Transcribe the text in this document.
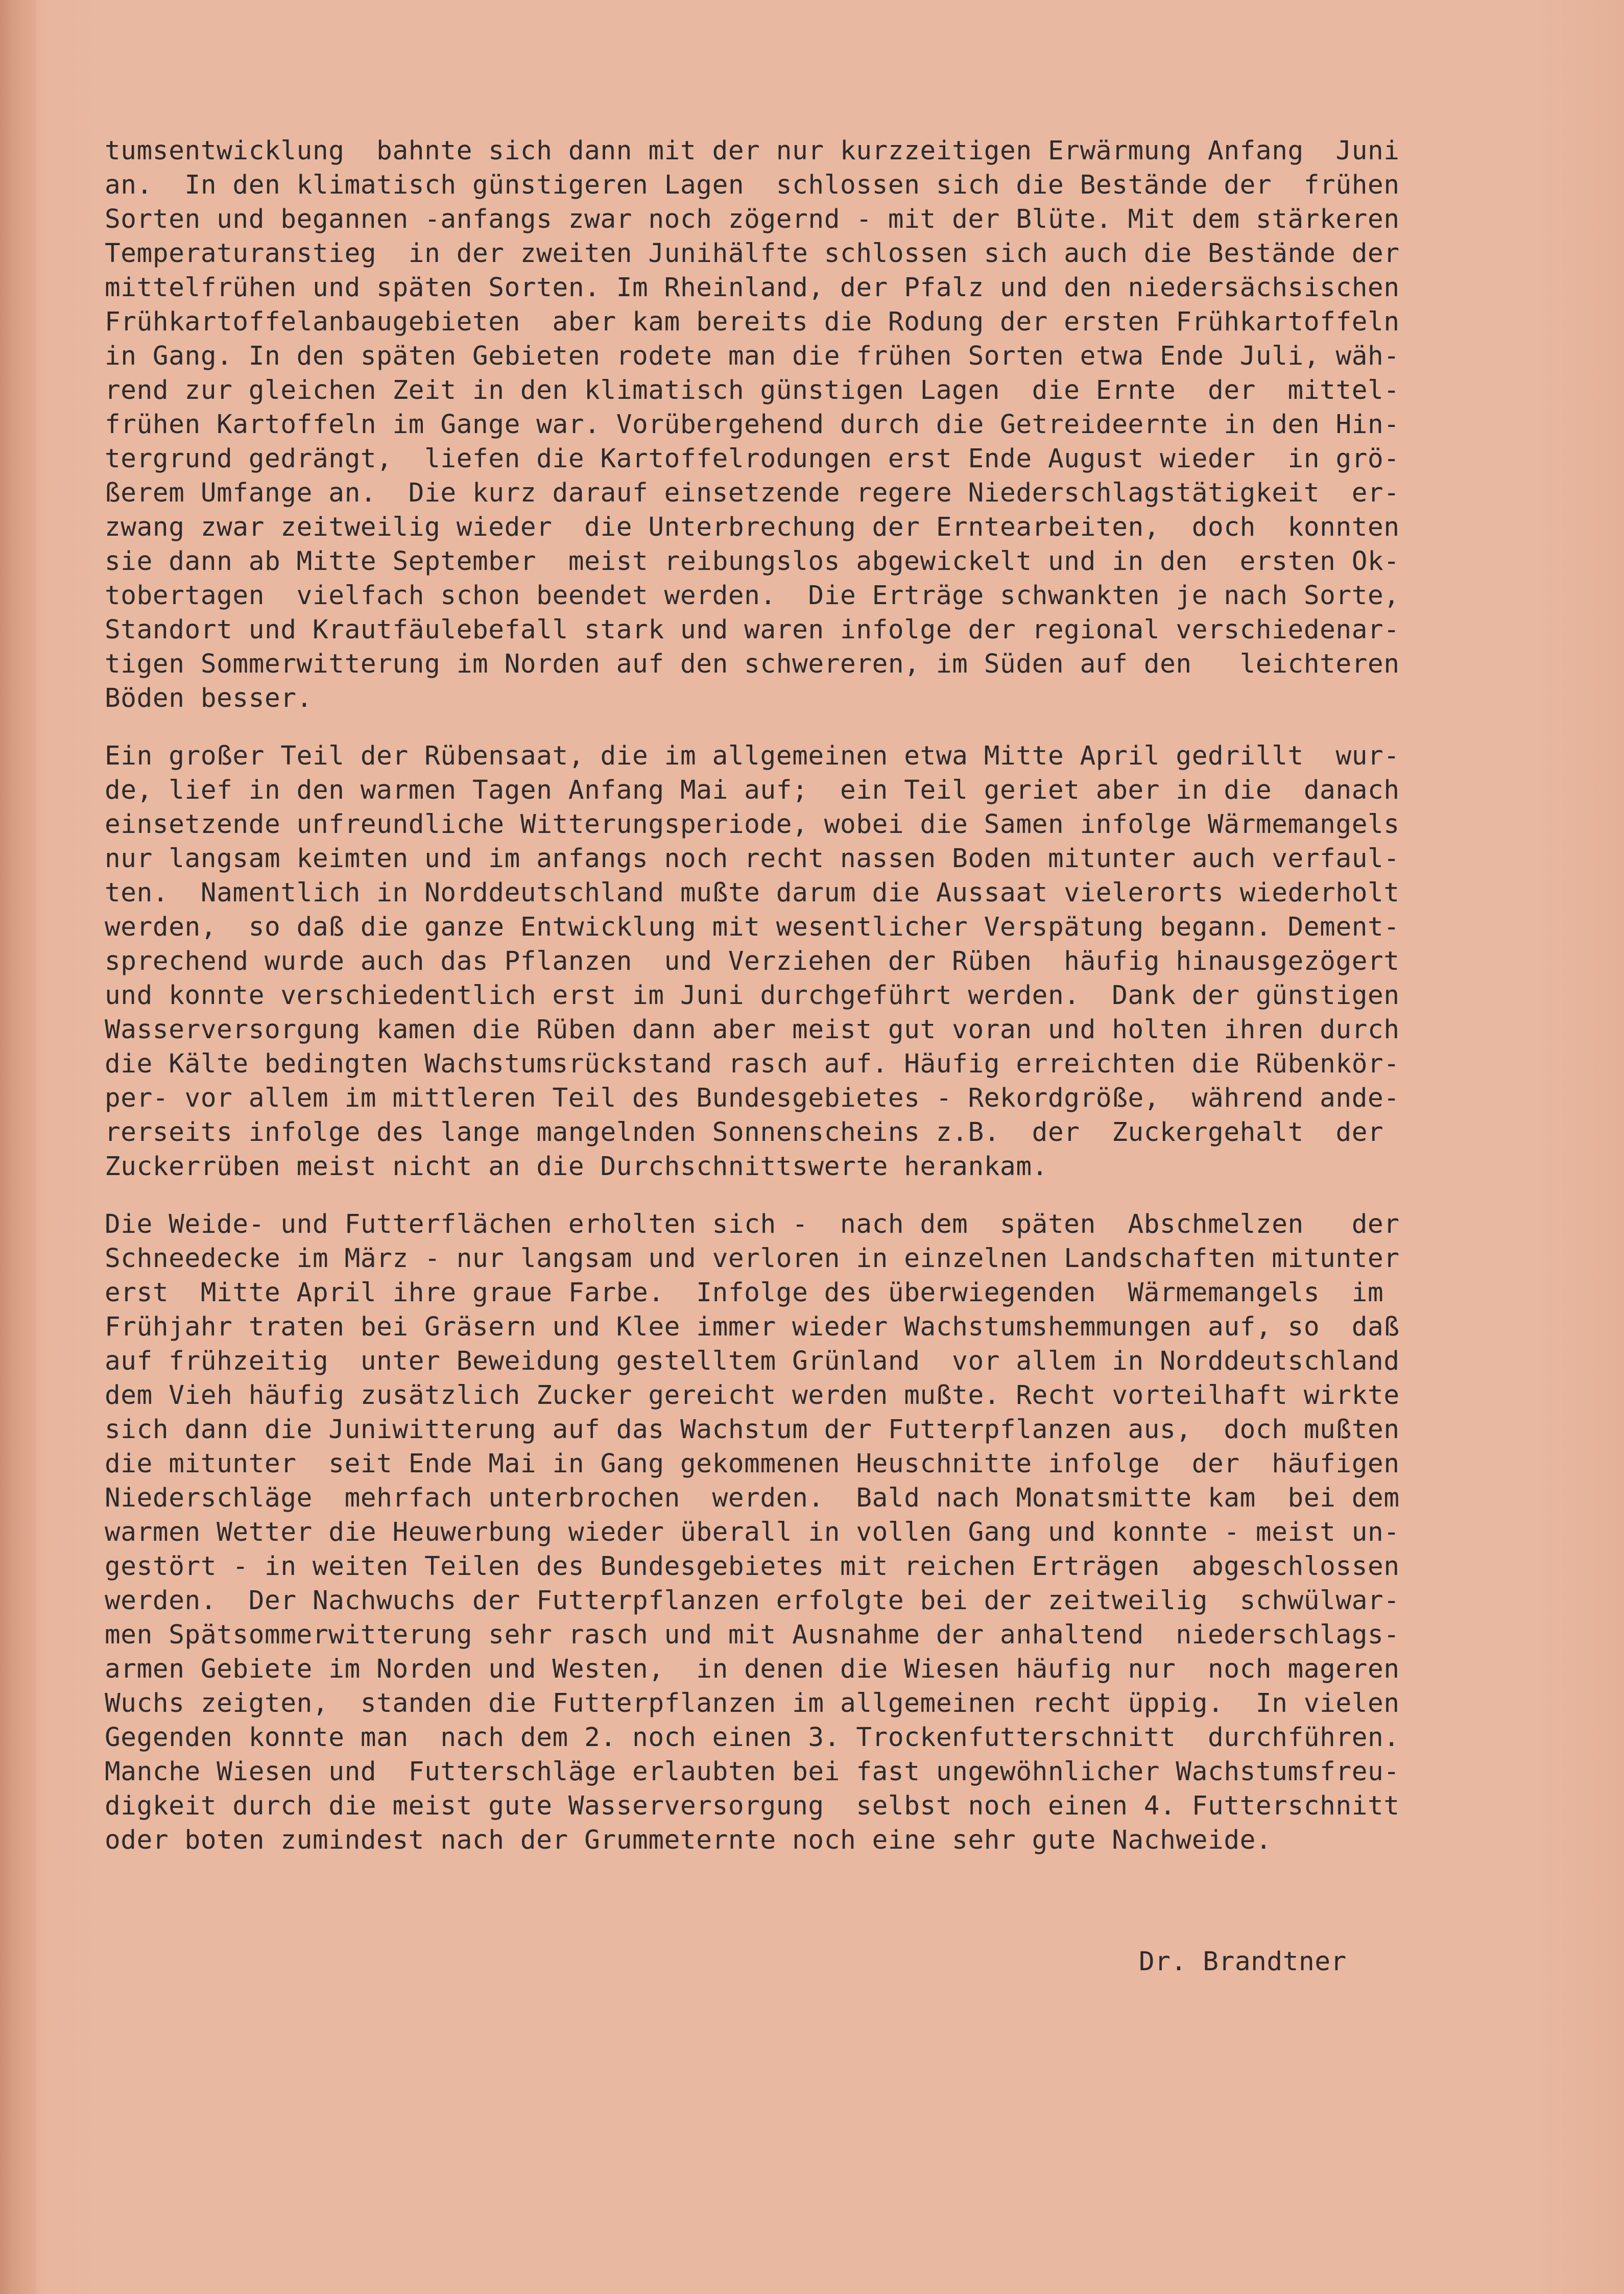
tumsentwicklung  bahnte sich dann mit der nur kurzzeitigen Erwärmung Anfang  Juni
an.  In den klimatisch günstigeren Lagen  schlossen sich die Bestände der  frühen
Sorten und begannen -anfangs zwar noch zögernd - mit der Blüte. Mit dem stärkeren
Temperaturanstieg  in der zweiten Junihälfte schlossen sich auch die Bestände der
mittelfrühen und späten Sorten. Im Rheinland, der Pfalz und den niedersächsischen
Frühkartoffelanbaugebieten  aber kam bereits die Rodung der ersten Frühkartoffeln
in Gang. In den späten Gebieten rodete man die frühen Sorten etwa Ende Juli, wäh-
rend zur gleichen Zeit in den klimatisch günstigen Lagen  die Ernte  der  mittel-
frühen Kartoffeln im Gange war. Vorübergehend durch die Getreideernte in den Hin-
tergrund gedrängt,  liefen die Kartoffelrodungen erst Ende August wieder  in grö-
ßerem Umfange an.  Die kurz darauf einsetzende regere Niederschlagstätigkeit  er-
zwang zwar zeitweilig wieder  die Unterbrechung der Erntearbeiten,  doch  konnten
sie dann ab Mitte September  meist reibungslos abgewickelt und in den  ersten Ok-
tobertagen  vielfach schon beendet werden.  Die Erträge schwankten je nach Sorte,
Standort und Krautfäulebefall stark und waren infolge der regional verschiedenar-
tigen Sommerwitterung im Norden auf den schwereren, im Süden auf den   leichteren
Böden besser.
Ein großer Teil der Rübensaat, die im allgemeinen etwa Mitte April gedrillt  wur-
de, lief in den warmen Tagen Anfang Mai auf;  ein Teil geriet aber in die  danach
einsetzende unfreundliche Witterungsperiode, wobei die Samen infolge Wärmemangels
nur langsam keimten und im anfangs noch recht nassen Boden mitunter auch verfaul-
ten.  Namentlich in Norddeutschland mußte darum die Aussaat vielerorts wiederholt
werden,  so daß die ganze Entwicklung mit wesentlicher Verspätung begann. Dement-
sprechend wurde auch das Pflanzen  und Verziehen der Rüben  häufig hinausgezögert
und konnte verschiedentlich erst im Juni durchgeführt werden.  Dank der günstigen
Wasserversorgung kamen die Rüben dann aber meist gut voran und holten ihren durch
die Kälte bedingten Wachstumsrückstand rasch auf. Häufig erreichten die Rübenkör-
per- vor allem im mittleren Teil des Bundesgebietes - Rekordgröße,  während ande-
rerseits infolge des lange mangelnden Sonnenscheins z.B.  der  Zuckergehalt  der
Zuckerrüben meist nicht an die Durchschnittswerte herankam.
Die Weide- und Futterflächen erholten sich -  nach dem  späten  Abschmelzen   der
Schneedecke im März - nur langsam und verloren in einzelnen Landschaften mitunter
erst  Mitte April ihre graue Farbe.  Infolge des überwiegenden  Wärmemangels  im
Frühjahr traten bei Gräsern und Klee immer wieder Wachstumshemmungen auf, so  daß
auf frühzeitig  unter Beweidung gestelltem Grünland  vor allem in Norddeutschland
dem Vieh häufig zusätzlich Zucker gereicht werden mußte. Recht vorteilhaft wirkte
sich dann die Juniwitterung auf das Wachstum der Futterpflanzen aus,  doch mußten
die mitunter  seit Ende Mai in Gang gekommenen Heuschnitte infolge  der  häufigen
Niederschläge  mehrfach unterbrochen  werden.  Bald nach Monatsmitte kam  bei dem
warmen Wetter die Heuwerbung wieder überall in vollen Gang und konnte - meist un-
gestört - in weiten Teilen des Bundesgebietes mit reichen Erträgen  abgeschlossen
werden.  Der Nachwuchs der Futterpflanzen erfolgte bei der zeitweilig  schwülwar-
men Spätsommerwitterung sehr rasch und mit Ausnahme der anhaltend  niederschlags-
armen Gebiete im Norden und Westen,  in denen die Wiesen häufig nur  noch mageren
Wuchs zeigten,  standen die Futterpflanzen im allgemeinen recht üppig.  In vielen
Gegenden konnte man  nach dem 2. noch einen 3. Trockenfutterschnitt  durchführen.
Manche Wiesen und  Futterschläge erlaubten bei fast ungewöhnlicher Wachstumsfreu-
digkeit durch die meist gute Wasserversorgung  selbst noch einen 4. Futterschnitt
oder boten zumindest nach der Grummeternte noch eine sehr gute Nachweide.
Dr. Brandtner
